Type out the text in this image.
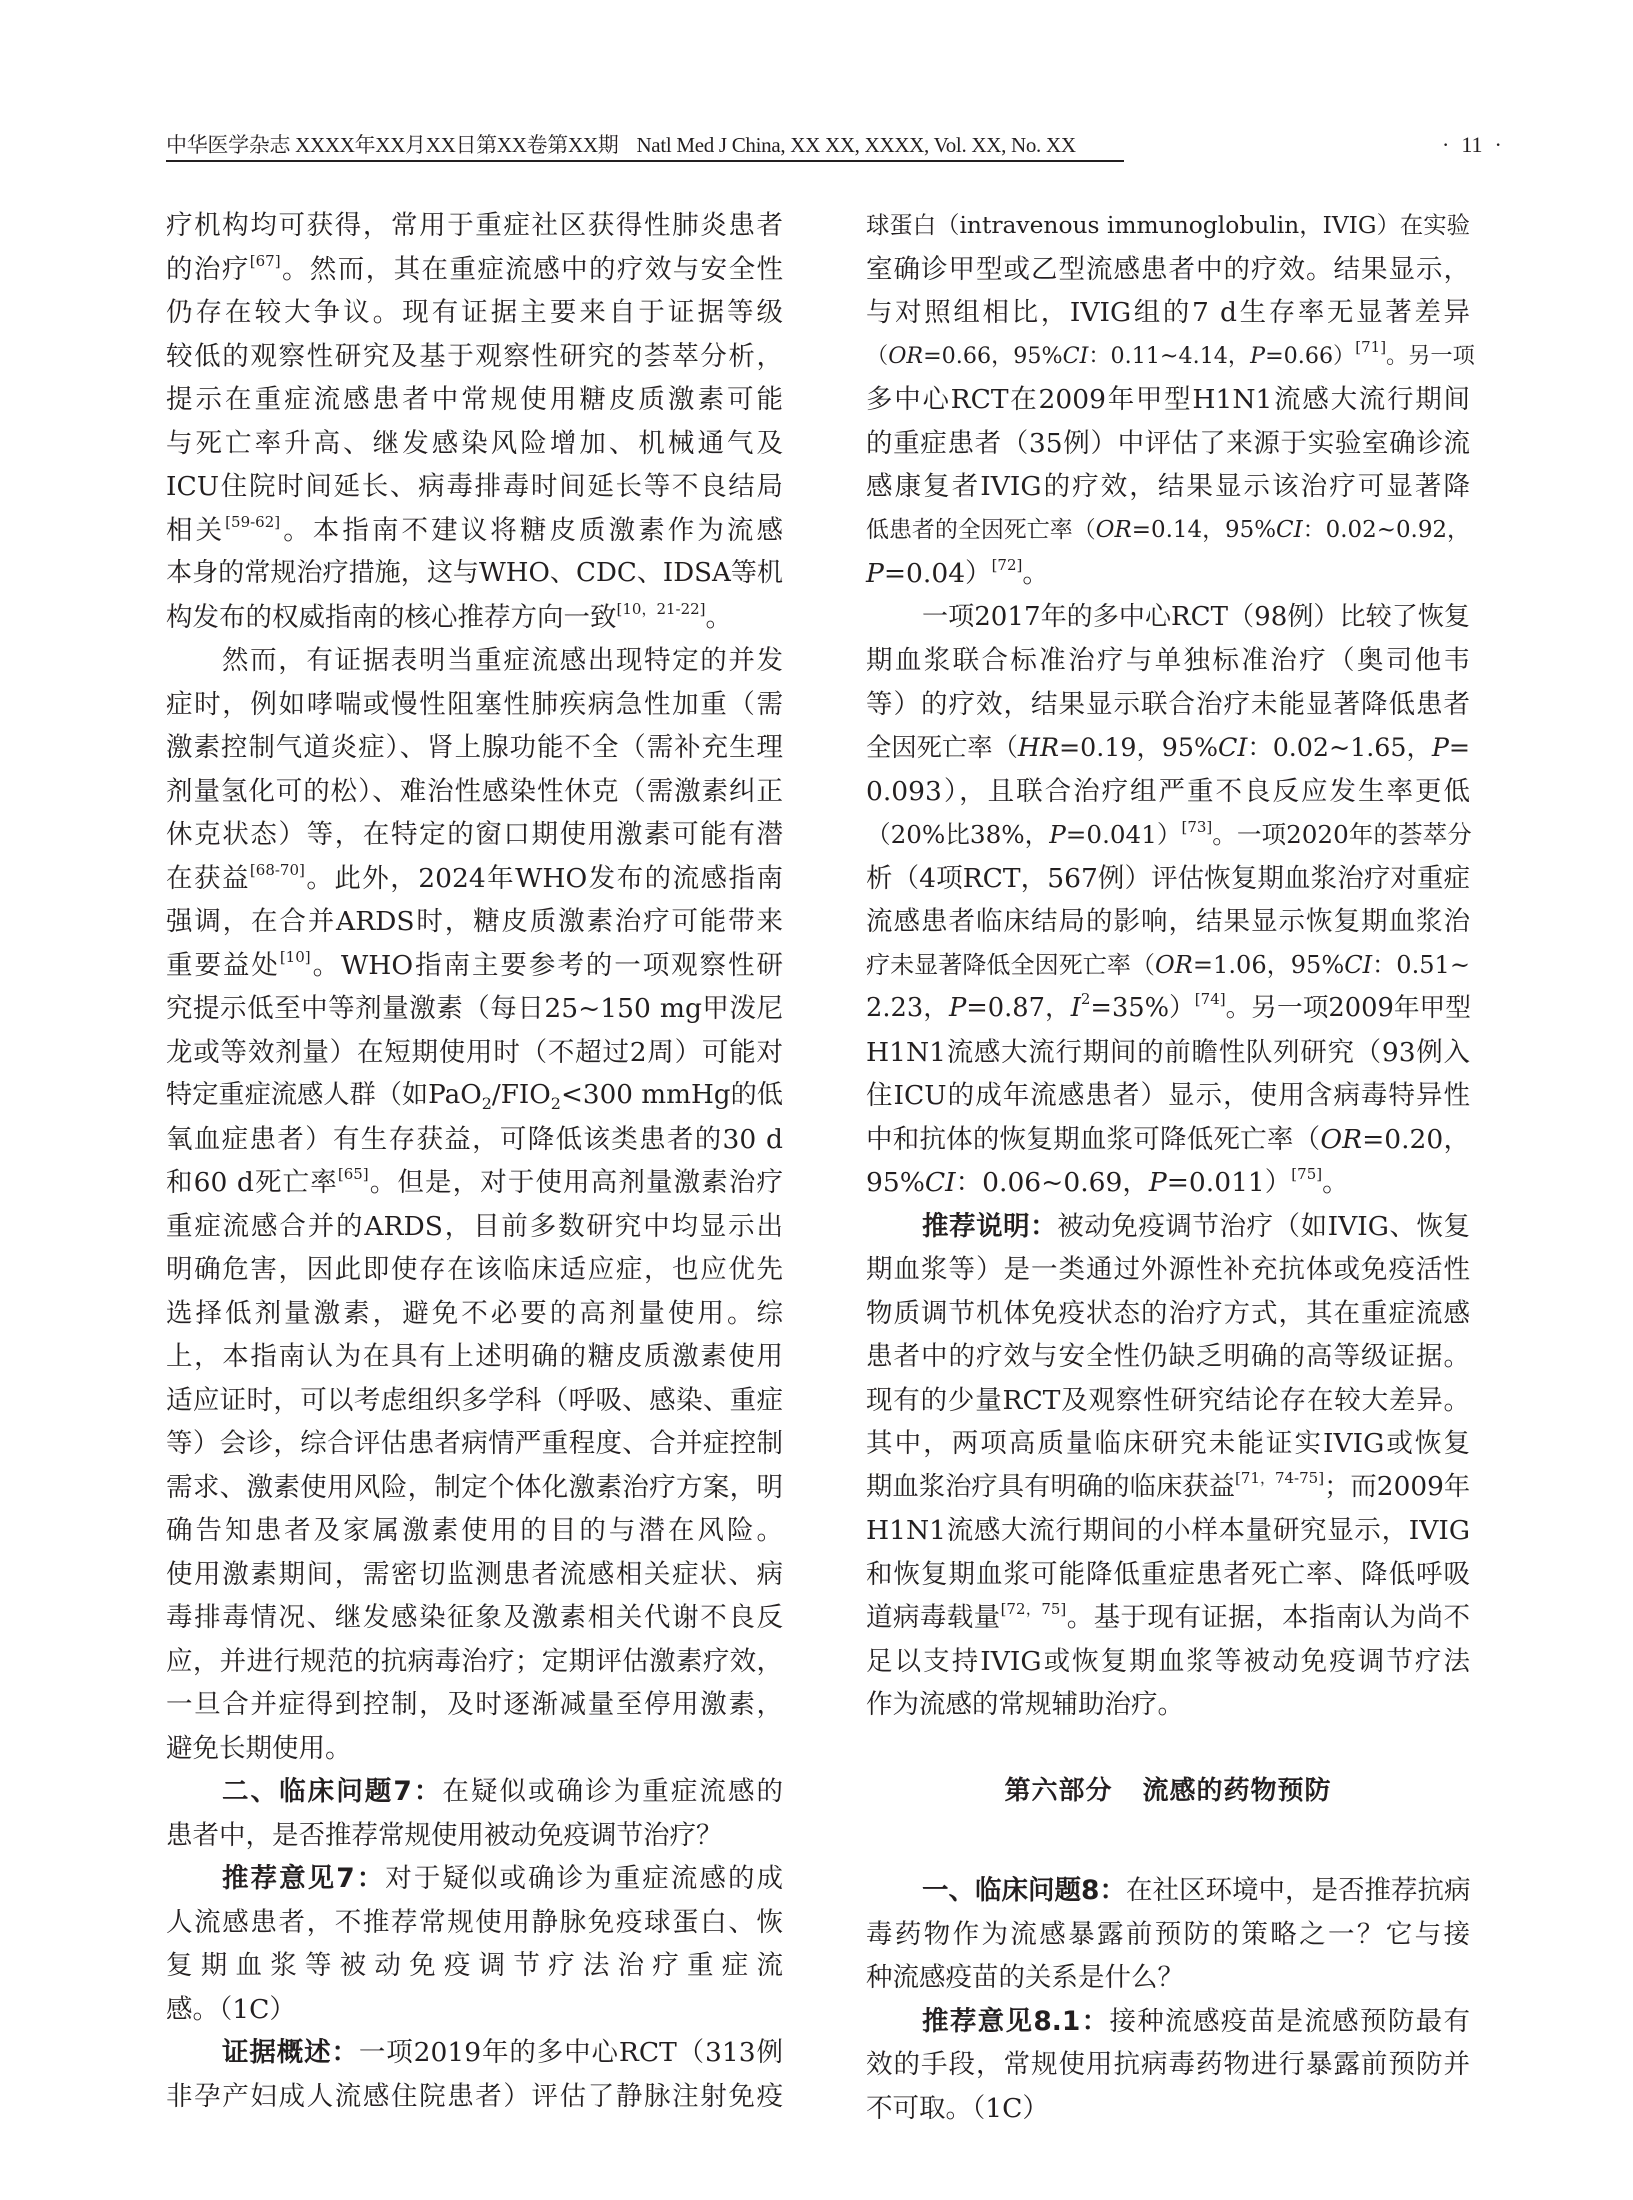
中华医学杂志 XXXX年XX月XX日第XX卷第XX期 Natl Med J China, XX XX, XXXX, Vol. XX, No. XX	· 11 ·
疗机构均可获得，常用于重症社区获得性肺炎患者
的治疗[67]。然而，其在重症流感中的疗效与安全性
仍存在较大争议。现有证据主要来自于证据等级
较低的观察性研究及基于观察性研究的荟萃分析，
提示在重症流感患者中常规使用糖皮质激素可能
与死亡率升高、继发感染风险增加、机械通气及
ICU住院时间延长、病毒排毒时间延长等不良结局
相关[59-62]。本指南不建议将糖皮质激素作为流感
本身的常规治疗措施，这与WHO、CDC、IDSA等机
构发布的权威指南的核心推荐方向一致[10，21-22]。
然而，有证据表明当重症流感出现特定的并发
症时，例如哮喘或慢性阻塞性肺疾病急性加重（需
激素控制气道炎症）、肾上腺功能不全（需补充生理
剂量氢化可的松）、难治性感染性休克（需激素纠正
休克状态）等，在特定的窗口期使用激素可能有潜
在获益[68-70]。此外，2024年WHO发布的流感指南
强调，在合并ARDS时，糖皮质激素治疗可能带来
重要益处[10]。WHO指南主要参考的一项观察性研
究提示低至中等剂量激素（每日25~150 mg甲泼尼
龙或等效剂量）在短期使用时（不超过2周）可能对
特定重症流感人群（如$PaO_2/FIO_2<300$ mmHg的低
氧血症患者）有生存获益，可降低该类患者的30 d
和60 d死亡率[65]。但是，对于使用高剂量激素治疗
重症流感合并的ARDS，目前多数研究中均显示出
明确危害，因此即使存在该临床适应症，也应优先
选择低剂量激素，避免不必要的高剂量使用。综
上，本指南认为在具有上述明确的糖皮质激素使用
适应证时，可以考虑组织多学科（呼吸、感染、重症
等）会诊，综合评估患者病情严重程度、合并症控制
需求、激素使用风险，制定个体化激素治疗方案，明
确告知患者及家属激素使用的目的与潜在风险。
使用激素期间，需密切监测患者流感相关症状、病
毒排毒情况、继发感染征象及激素相关代谢不良反
应，并进行规范的抗病毒治疗；定期评估激素疗效，
一旦合并症得到控制，及时逐渐减量至停用激素，
避免长期使用。
二、临床问题7：在疑似或确诊为重症流感的
患者中，是否推荐常规使用被动免疫调节治疗？
推荐意见7：对于疑似或确诊为重症流感的成
人流感患者，不推荐常规使用静脉免疫球蛋白、恢
复期血浆等被动免疫调节疗法治疗重症流
感。（1C）
证据概述：一项2019年的多中心RCT（313例
非孕产妇成人流感住院患者）评估了静脉注射免疫
球蛋白（intravenous immunoglobulin，IVIG）在实验
室确诊甲型或乙型流感患者中的疗效。结果显示，
与对照组相比，IVIG组的7 d生存率无显著差异
（OR=0.66，95%CI：0.11~4.14，P=0.66）[71]。另一项
多中心RCT在2009年甲型H1N1流感大流行期间
的重症患者（35例）中评估了来源于实验室确诊流
感康复者IVIG的疗效，结果显示该治疗可显著降
低患者的全因死亡率（OR=0.14，95%CI：0.02~0.92，
P=0.04）[72]。
一项2017年的多中心RCT（98例）比较了恢复
期血浆联合标准治疗与单独标准治疗（奥司他韦
等）的疗效，结果显示联合治疗未能显著降低患者
全因死亡率（HR=0.19，95%CI：0.02~1.65，P=
0.093），且联合治疗组严重不良反应发生率更低
（20%比38%，P=0.041）[73]。一项2020年的荟萃分
析（4项RCT，567例）评估恢复期血浆治疗对重症
流感患者临床结局的影响，结果显示恢复期血浆治
疗未显著降低全因死亡率（OR=1.06，95%CI：0.51~
2.23，P=0.87，$I^2=35\%)[74]$。另一项2009年甲型
H1N1流感大流行期间的前瞻性队列研究（93例入
住ICU的成年流感患者）显示，使用含病毒特异性
中和抗体的恢复期血浆可降低死亡率（OR=0.20，
95%CI：0.06~0.69，P=0.011）[75]。
推荐说明：被动免疫调节治疗（如IVIG、恢复
期血浆等）是一类通过外源性补充抗体或免疫活性
物质调节机体免疫状态的治疗方式，其在重症流感
患者中的疗效与安全性仍缺乏明确的高等级证据。
现有的少量RCT及观察性研究结论存在较大差异。
其中，两项高质量临床研究未能证实IVIG或恢复
期血浆治疗具有明确的临床获益[71，74-75]；而2009年
H1N1流感大流行期间的小样本量研究显示，IVIG
和恢复期血浆可能降低重症患者死亡率、降低呼吸
道病毒载量[72，75]。基于现有证据，本指南认为尚不
足以支持IVIG或恢复期血浆等被动免疫调节疗法
作为流感的常规辅助治疗。
第六部分 流感的药物预防
一、临床问题8：在社区环境中，是否推荐抗病
毒药物作为流感暴露前预防的策略之一？它与接
种流感疫苗的关系是什么？
推荐意见8.1：接种流感疫苗是流感预防最有
效的手段，常规使用抗病毒药物进行暴露前预防并
不可取。（1C）
